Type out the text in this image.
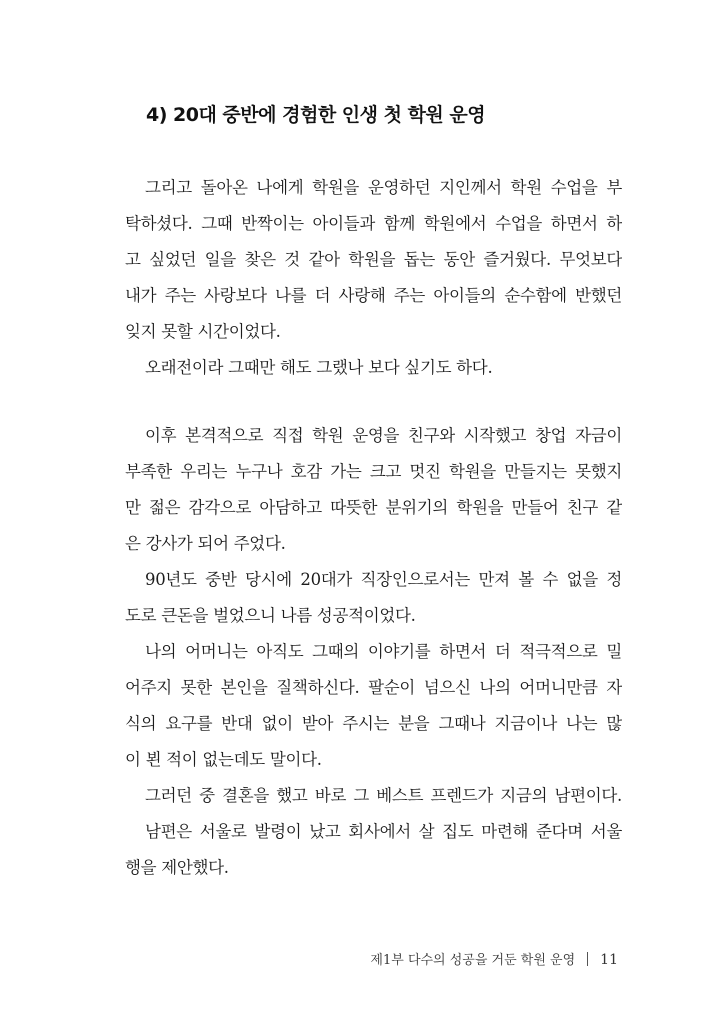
4) 20대 중반에 경험한 인생 첫 학원 운영
그리고 돌아온 나에게 학원을 운영하던 지인께서 학원 수업을 부
탁하셨다. 그때 반짝이는 아이들과 함께 학원에서 수업을 하면서 하
고 싶었던 일을 찾은 것 같아 학원을 돕는 동안 즐거웠다. 무엇보다
내가 주는 사랑보다 나를 더 사랑해 주는 아이들의 순수함에 반했던
잊지 못할 시간이었다.
오래전이라 그때만 해도 그랬나 보다 싶기도 하다.
이후 본격적으로 직접 학원 운영을 친구와 시작했고 창업 자금이
부족한 우리는 누구나 호감 가는 크고 멋진 학원을 만들지는 못했지
만 젊은 감각으로 아담하고 따뜻한 분위기의 학원을 만들어 친구 같
은 강사가 되어 주었다.
90년도 중반 당시에 20대가 직장인으로서는 만져 볼 수 없을 정
도로 큰돈을 벌었으니 나름 성공적이었다.
나의 어머니는 아직도 그때의 이야기를 하면서 더 적극적으로 밀
어주지 못한 본인을 질책하신다. 팔순이 넘으신 나의 어머니만큼 자
식의 요구를 반대 없이 받아 주시는 분을 그때나 지금이나 나는 많
이 뵌 적이 없는데도 말이다.
그러던 중 결혼을 했고 바로 그 베스트 프렌드가 지금의 남편이다.
남편은 서울로 발령이 났고 회사에서 살 집도 마련해 준다며 서울
행을 제안했다.
제1부 다수의 성공을 거둔 학원 운영 11
